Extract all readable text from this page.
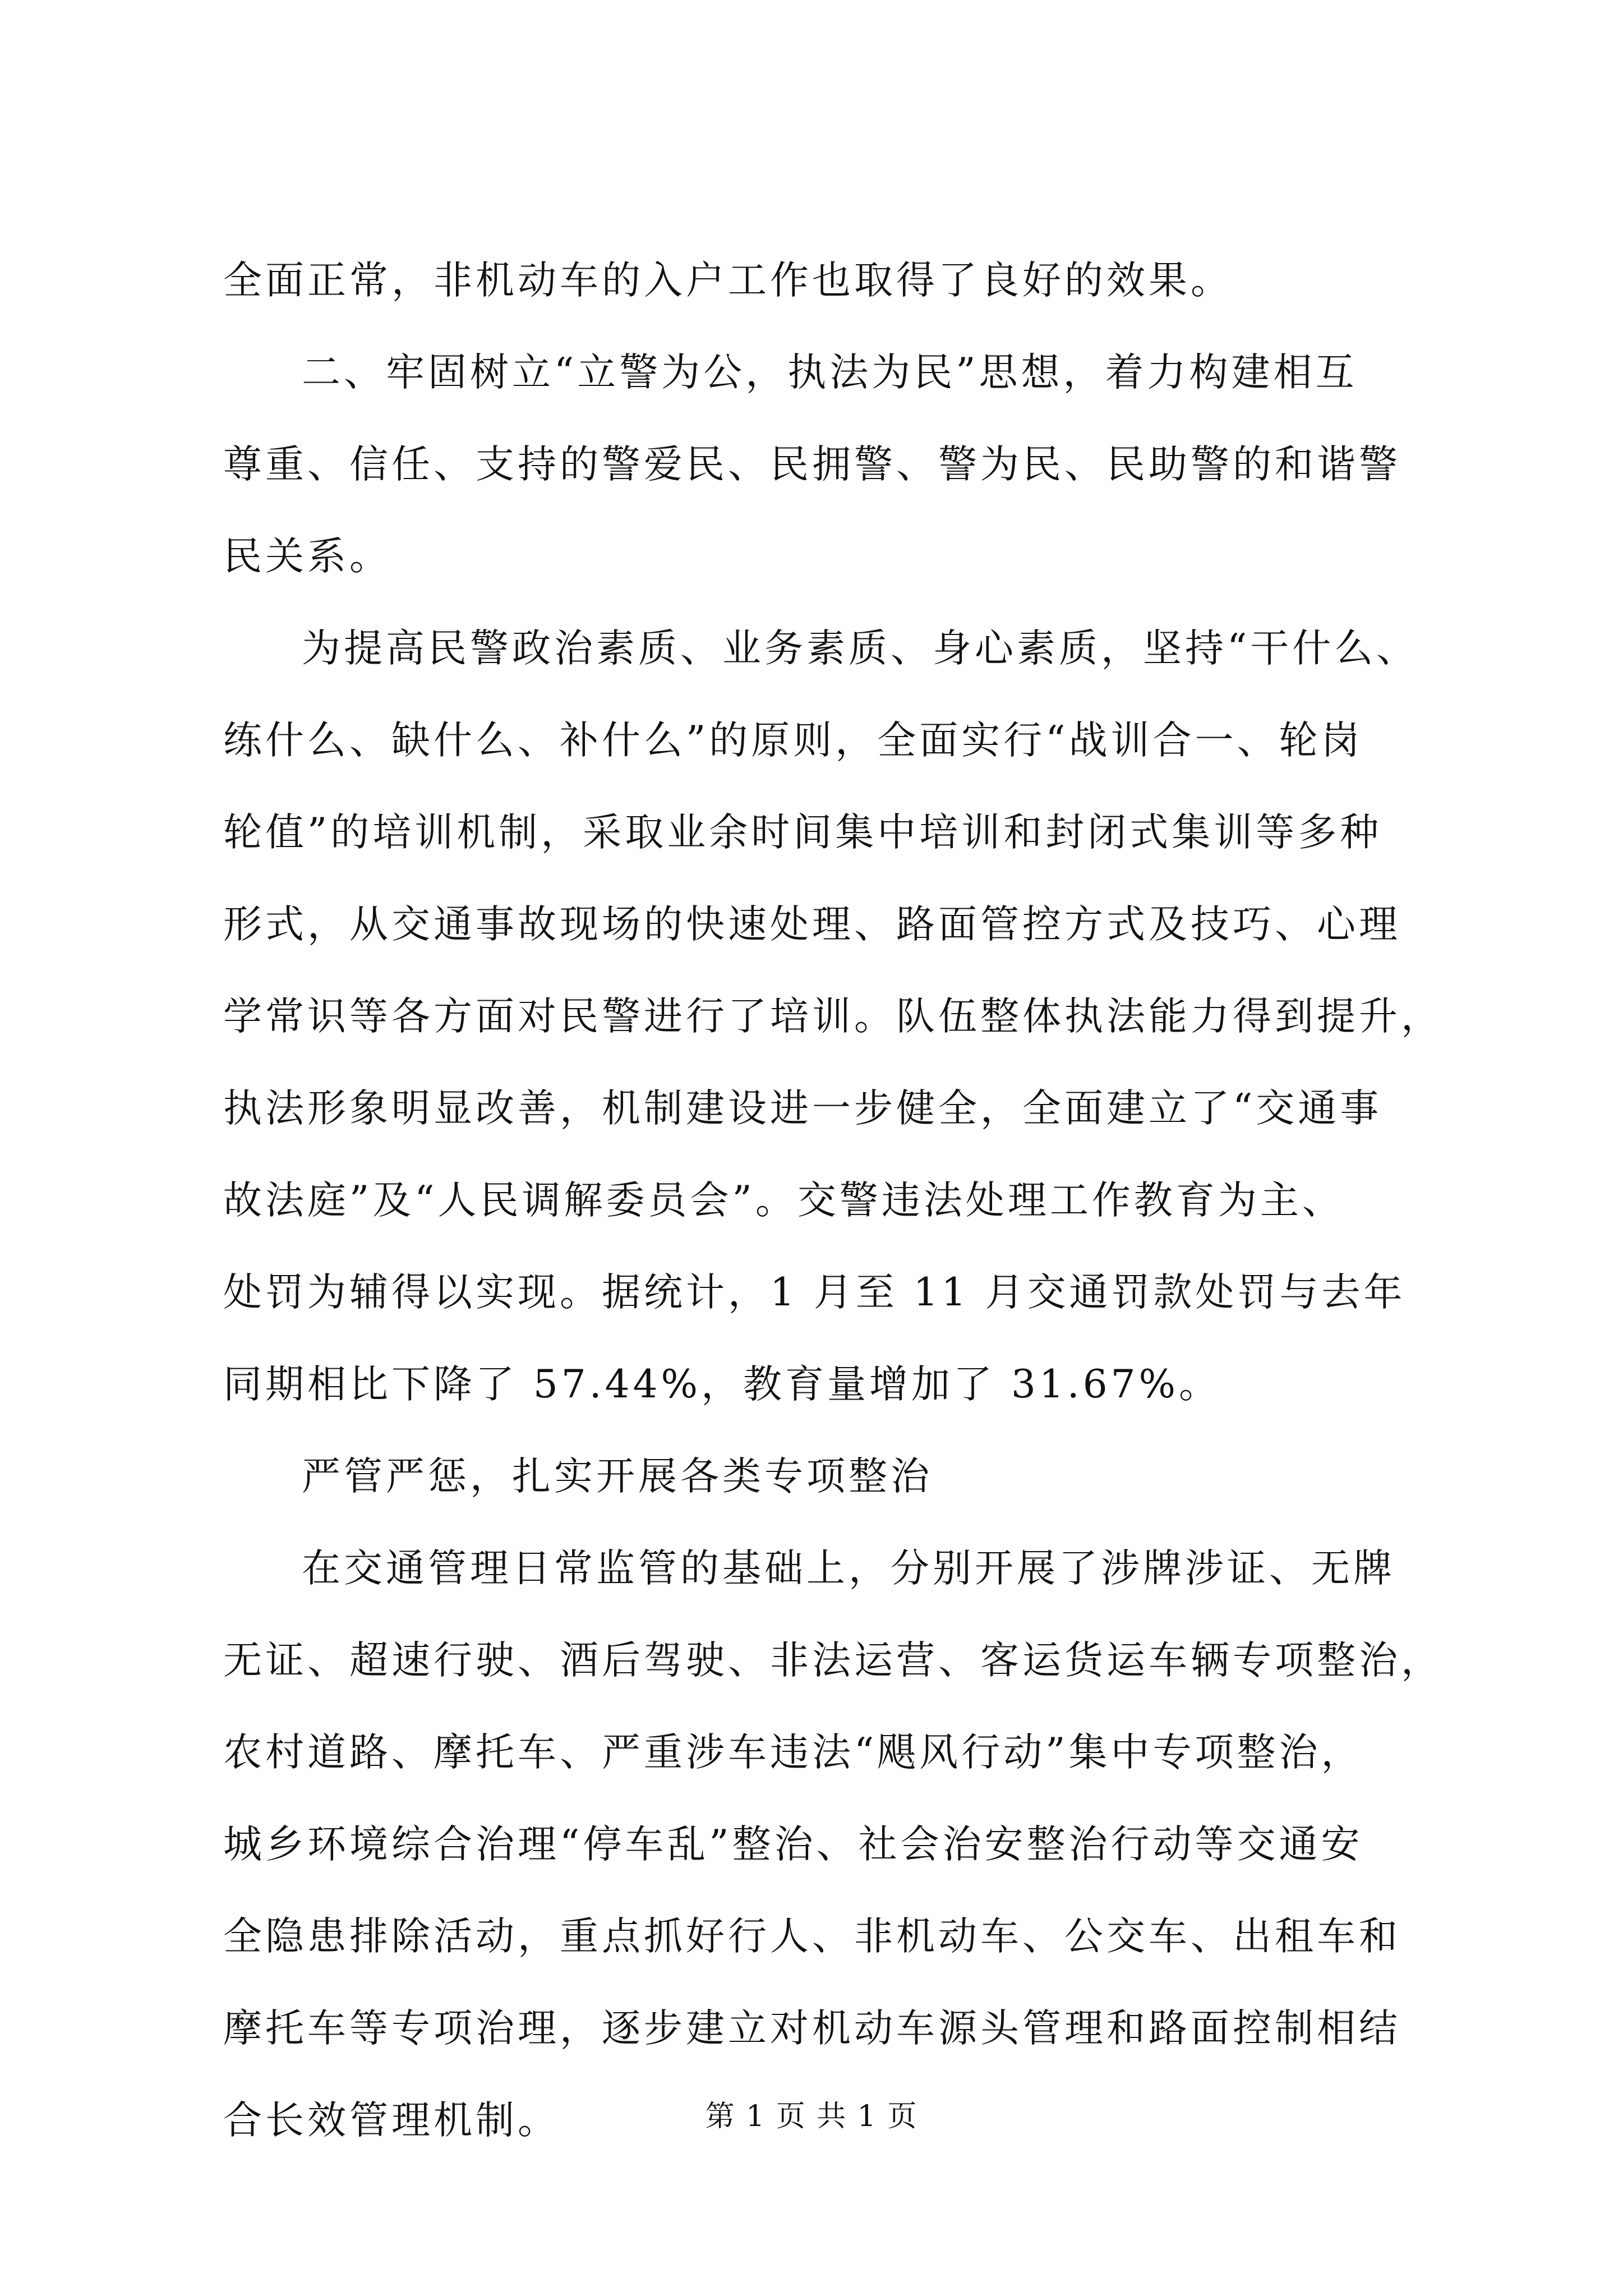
全面正常，非机动车的入户工作也取得了良好的效果。
二、牢固树立“立警为公，执法为民”思想，着力构建相互
尊重、信任、支持的警爱民、民拥警、警为民、民助警的和谐警
民关系。
为提高民警政治素质、业务素质、身心素质，坚持“干什么、
练什么、缺什么、补什么”的原则，全面实行“战训合一、轮岗
轮值”的培训机制，采取业余时间集中培训和封闭式集训等多种
形式，从交通事故现场的快速处理、路面管控方式及技巧、心理
学常识等各方面对民警进行了培训。队伍整体执法能力得到提升，
执法形象明显改善，机制建设进一步健全，全面建立了“交通事
故法庭”及“人民调解委员会”。交警违法处理工作教育为主、
处罚为辅得以实现。据统计，1 月至 11 月交通罚款处罚与去年
同期相比下降了 57.44%，教育量增加了 31.67%。
严管严惩，扎实开展各类专项整治
在交通管理日常监管的基础上，分别开展了涉牌涉证、无牌
无证、超速行驶、酒后驾驶、非法运营、客运货运车辆专项整治，
农村道路、摩托车、严重涉车违法“飓风行动”集中专项整治，
城乡环境综合治理“停车乱”整治、社会治安整治行动等交通安
全隐患排除活动，重点抓好行人、非机动车、公交车、出租车和
摩托车等专项治理，逐步建立对机动车源头管理和路面控制相结
合长效管理机制。	第 1 页 共 1 页
